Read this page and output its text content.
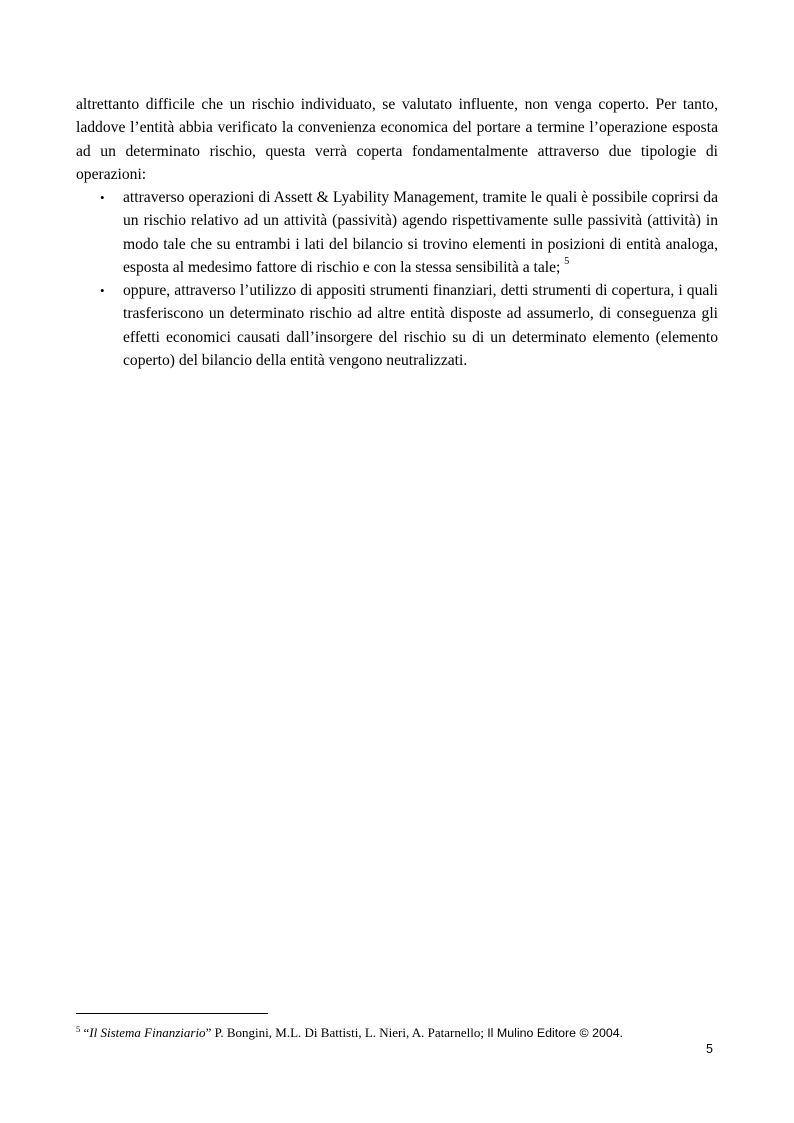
altrettanto difficile che un rischio individuato, se valutato influente, non venga coperto. Per tanto, laddove l’entità abbia verificato la convenienza economica del portare a termine l’operazione esposta ad un determinato rischio, questa verrà coperta fondamentalmente attraverso due tipologie di operazioni:

• attraverso operazioni di Assett & Lyability Management, tramite le quali è possibile coprirsi da un rischio relativo ad un attività (passività) agendo rispettivamente sulle passività (attività) in modo tale che su entrambi i lati del bilancio si trovino elementi in posizioni di entità analoga, esposta al medesimo fattore di rischio e con la stessa sensibilità a tale; $^5$
• oppure, attraverso l’utilizzo di appositi strumenti finanziari, detti strumenti di copertura, i quali trasferiscono un determinato rischio ad altre entità disposte ad assumerlo, di conseguenza gli effetti economici causati dall’insorgere del rischio su di un determinato elemento (elemento coperto) del bilancio della entità vengono neutralizzati.
$^5$ “Il Sistema Finanziario” P. Bongini, M.L. Di Battisti, L. Nieri, A. Patarnello; Il Mulino Editore © 2004.
5
